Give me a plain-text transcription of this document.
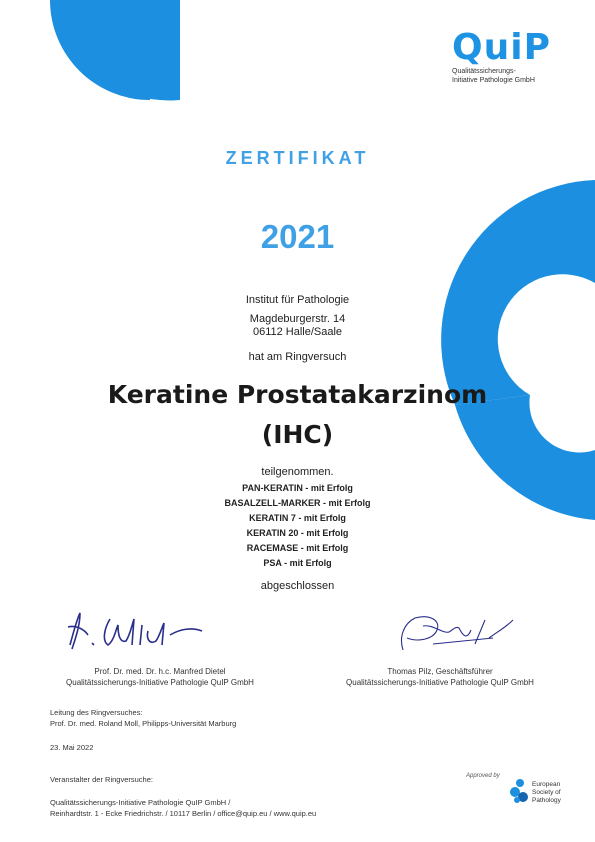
QuiP
Qualitätssicherungs-
Initiative Pathologie GmbH
ZERTIFIKAT
2021
Institut für Pathologie
Magdeburgerstr. 14
06112 Halle/Saale
hat am Ringversuch
Keratine Prostatakarzinom
(IHC)
teilgenommen.
PAN-KERATIN - mit Erfolg
BASALZELL-MARKER - mit Erfolg
KERATIN 7 - mit Erfolg
KERATIN 20 - mit Erfolg
RACEMASE - mit Erfolg
PSA - mit Erfolg
abgeschlossen
Prof. Dr. med. Dr. h.c. Manfred Dietel
Qualitätssicherungs-Initiative Pathologie QuIP GmbH
Thomas Pilz, Geschäftsführer
Qualitätssicherungs-Initiative Pathologie QuIP GmbH
Leitung des Ringversuches:
Prof. Dr. med. Roland Moll, Philipps-Universität Marburg
23. Mai 2022
Veranstalter der Ringversuche:
Qualitätssicherungs-Initiative Pathologie QuIP GmbH /
Reinhardtstr. 1 - Ecke Friedrichstr. / 10117 Berlin / office@quip.eu / www.quip.eu
Approved by
European
Society of
Pathology
